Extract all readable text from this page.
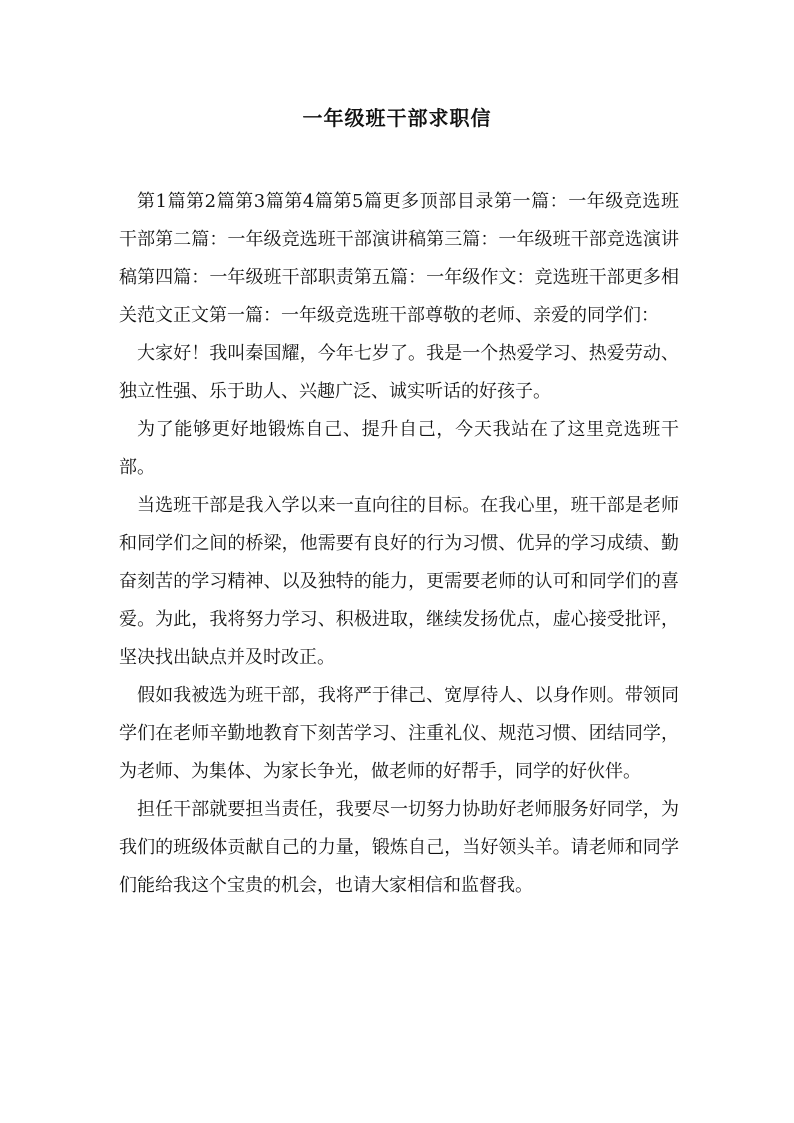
一年级班干部求职信

第1篇第2篇第3篇第4篇第5篇更多顶部目录第一篇：一年级竞选班干部第二篇：一年级竞选班干部演讲稿第三篇：一年级班干部竞选演讲稿第四篇：一年级班干部职责第五篇：一年级作文：竞选班干部更多相关范文正文第一篇：一年级竞选班干部尊敬的老师、亲爱的同学们：

大家好！我叫秦国耀，今年七岁了。我是一个热爱学习、热爱劳动、独立性强、乐于助人、兴趣广泛、诚实听话的好孩子。

为了能够更好地锻炼自己、提升自己，今天我站在了这里竞选班干部。

当选班干部是我入学以来一直向往的目标。在我心里，班干部是老师和同学们之间的桥梁，他需要有良好的行为习惯、优异的学习成绩、勤奋刻苦的学习精神、以及独特的能力，更需要老师的认可和同学们的喜爱。为此，我将努力学习、积极进取，继续发扬优点，虚心接受批评，坚决找出缺点并及时改正。

假如我被选为班干部，我将严于律己、宽厚待人、以身作则。带领同学们在老师辛勤地教育下刻苦学习、注重礼仪、规范习惯、团结同学，为老师、为集体、为家长争光，做老师的好帮手，同学的好伙伴。

担任干部就要担当责任，我要尽一切努力协助好老师服务好同学，为我们的班级体贡献自己的力量，锻炼自己，当好领头羊。请老师和同学们能给我这个宝贵的机会，也请大家相信和监督我。
